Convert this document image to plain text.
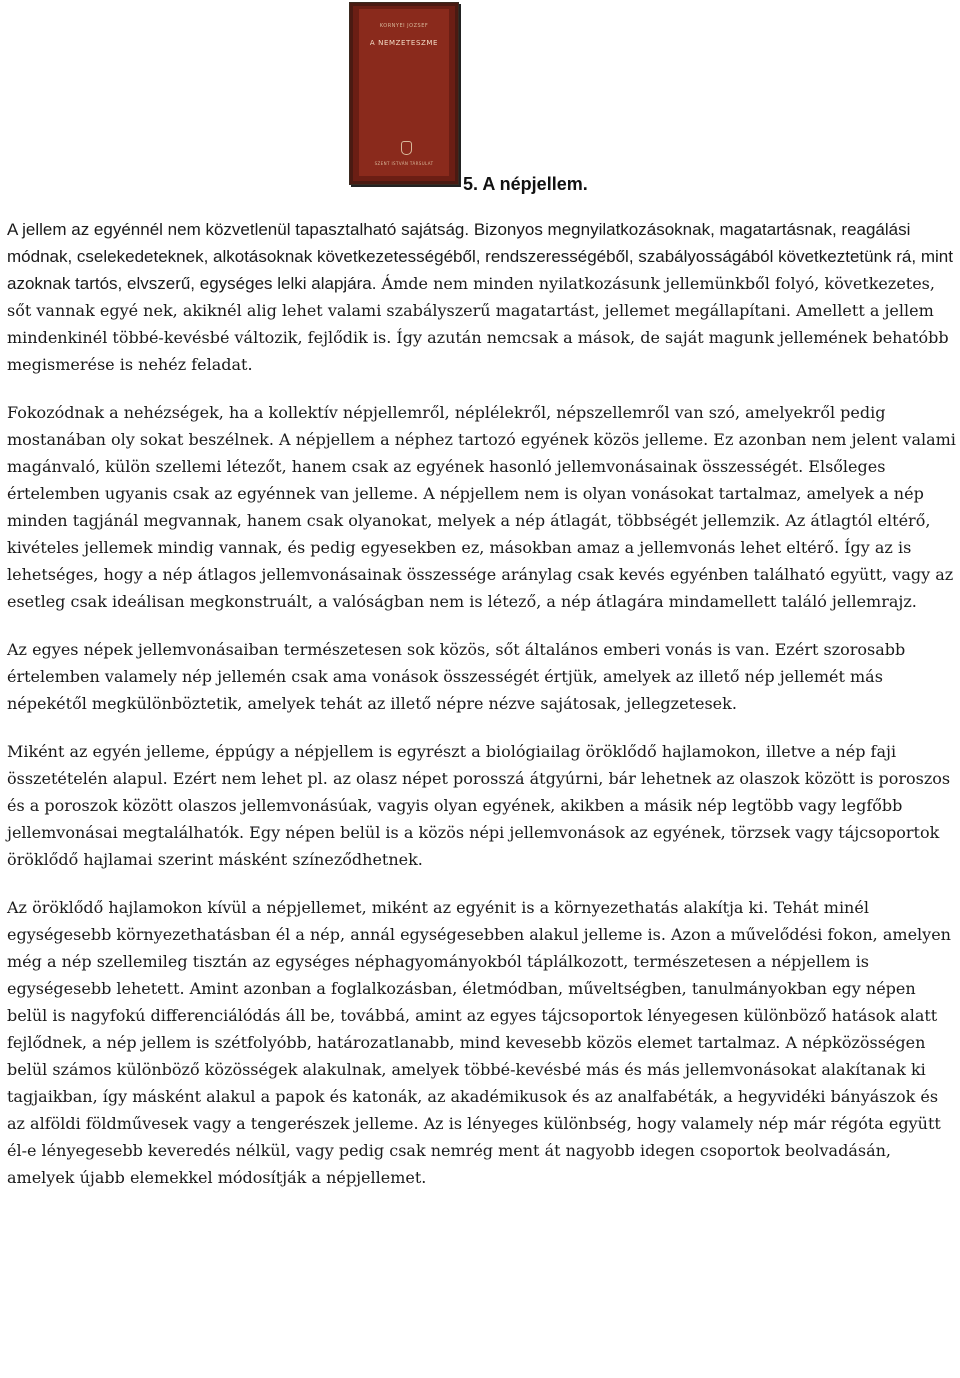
KORNYEI JOZSEF
A NEMZETESZME
SZENT ISTVÁN TÁRSULAT
5. A népjellem.

A jellem az egyénnél nem közvetlenül tapasztalható sajátság. Bizonyos megnyilatkozásoknak, magatartásnak, reagálási módnak, cselekedeteknek, alkotásoknak következetességéből, rendszerességéből, szabályosságából következtetünk rá, mint azoknak tartós, elvszerű, egységes lelki alapjára. Ámde nem minden nyilatkozásunk jellemünkből folyó, következetes, sőt vannak egyé nek, akiknél alig lehet valami szabályszerű magatartást, jellemet megállapítani. Amellett a jellem mindenkinél többé-kevésbé változik, fejlődik is. Így azután nemcsak a mások, de saját magunk jellemének behatóbb megismerése is nehéz feladat.

Fokozódnak a nehézségek, ha a kollektív népjellemről, néplélekről, népszellemről van szó, amelyekről pedig mostanában oly sokat beszélnek. A népjellem a néphez tartozó egyének közös jelleme. Ez azonban nem jelent valami magánvaló, külön szellemi létezőt, hanem csak az egyének hasonló jellemvonásainak összességét. Elsőleges értelemben ugyanis csak az egyénnek van jelleme. A népjellem nem is olyan vonásokat tartalmaz, amelyek a nép minden tagjánál megvannak, hanem csak olyanokat, melyek a nép átlagát, többségét jellemzik. Az átlagtól eltérő, kivételes jellemek mindig vannak, és pedig egyesekben ez, másokban amaz a jellemvonás lehet eltérő. Így az is lehetséges, hogy a nép átlagos jellemvonásainak összessége aránylag csak kevés egyénben található együtt, vagy az esetleg csak ideálisan megkonstruált, a valóságban nem is létező, a nép átlagára mindamellett találó jellemrajz.

Az egyes népek jellemvonásaiban természetesen sok közös, sőt általános emberi vonás is van. Ezért szorosabb értelemben valamely nép jellemén csak ama vonások összességét értjük, amelyek az illető nép jellemét más népekétől megkülönböztetik, amelyek tehát az illető népre nézve sajátosak, jellegzetesek.

Miként az egyén jelleme, éppúgy a népjellem is egyrészt a biológiailag öröklődő hajlamokon, illetve a nép faji összetételén alapul. Ezért nem lehet pl. az olasz népet porosszá átgyúrni, bár lehetnek az olaszok között is poroszos és a poroszok között olaszos jellemvonásúak, vagyis olyan egyének, akikben a másik nép legtöbb vagy legfőbb jellemvonásai megtalálhatók. Egy népen belül is a közös népi jellemvonások az egyének, törzsek vagy tájcsoportok öröklődő hajlamai szerint másként színeződhetnek.

Az öröklődő hajlamokon kívül a népjellemet, miként az egyénit is a környezethatás alakítja ki. Tehát minél egységesebb környezethatásban él a nép, annál egységesebben alakul jelleme is. Azon a művelődési fokon, amelyen még a nép szellemileg tisztán az egységes néphagyományokból táplálkozott, természetesen a népjellem is egységesebb lehetett. Amint azonban a foglalkozásban, életmódban, műveltségben, tanulmányokban egy népen belül is nagyfokú differenciálódás áll be, továbbá, amint az egyes tájcsoportok lényegesen különböző hatások alatt fejlődnek, a nép jellem is szétfolyóbb, határozatlanabb, mind kevesebb közös elemet tartalmaz. A népközösségen belül számos különböző közösségek alakulnak, amelyek többé-kevésbé más és más jellemvonásokat alakítanak ki tagjaikban, így másként alakul a papok és katonák, az akadémikusok és az analfabéták, a hegyvidéki bányászok és az alföldi földművesek vagy a tengerészek jelleme. Az is lényeges különbség, hogy valamely nép már régóta együtt él-e lényegesebb keveredés nélkül, vagy pedig csak nemrég ment át nagyobb idegen csoportok beolvadásán, amelyek újabb elemekkel módosítják a népjellemet.
